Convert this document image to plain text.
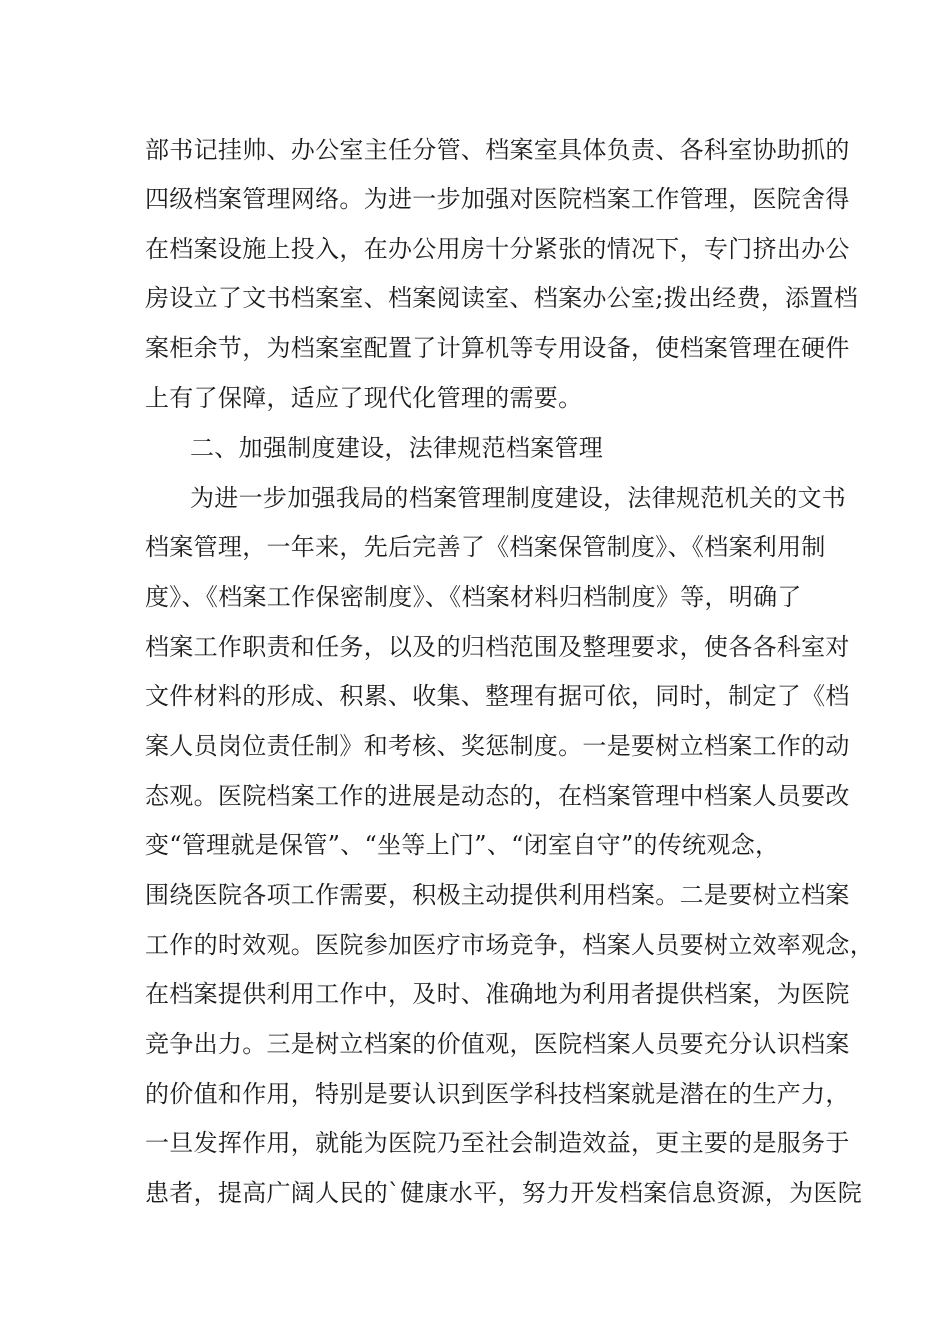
部书记挂帅、办公室主任分管、档案室具体负责、各科室协助抓的
四级档案管理网络。为进一步加强对医院档案工作管理，医院舍得
在档案设施上投入，在办公用房十分紧张的情况下，专门挤出办公
房设立了文书档案室、档案阅读室、档案办公室;拨出经费，添置档
案柜余节，为档案室配置了计算机等专用设备，使档案管理在硬件
上有了保障，适应了现代化管理的需要。
二、加强制度建设，法律规范档案管理
为进一步加强我局的档案管理制度建设，法律规范机关的文书
档案管理，一年来，先后完善了《档案保管制度》、《档案利用制
度》、《档案工作保密制度》、《档案材料归档制度》等，明确了
档案工作职责和任务，以及的归档范围及整理要求，使各各科室对
文件材料的形成、积累、收集、整理有据可依，同时，制定了《档
案人员岗位责任制》和考核、奖惩制度。一是要树立档案工作的动
态观。医院档案工作的进展是动态的，在档案管理中档案人员要改
变“管理就是保管”、“坐等上门”、“闭室自守”的传统观念，
围绕医院各项工作需要，积极主动提供利用档案。二是要树立档案
工作的时效观。医院参加医疗市场竞争，档案人员要树立效率观念，
在档案提供利用工作中，及时、准确地为利用者提供档案，为医院
竞争出力。三是树立档案的价值观，医院档案人员要充分认识档案
的价值和作用，特别是要认识到医学科技档案就是潜在的生产力，
一旦发挥作用，就能为医院乃至社会制造效益，更主要的是服务于
患者，提高广阔人民的`健康水平，努力开发档案信息资源，为医院
